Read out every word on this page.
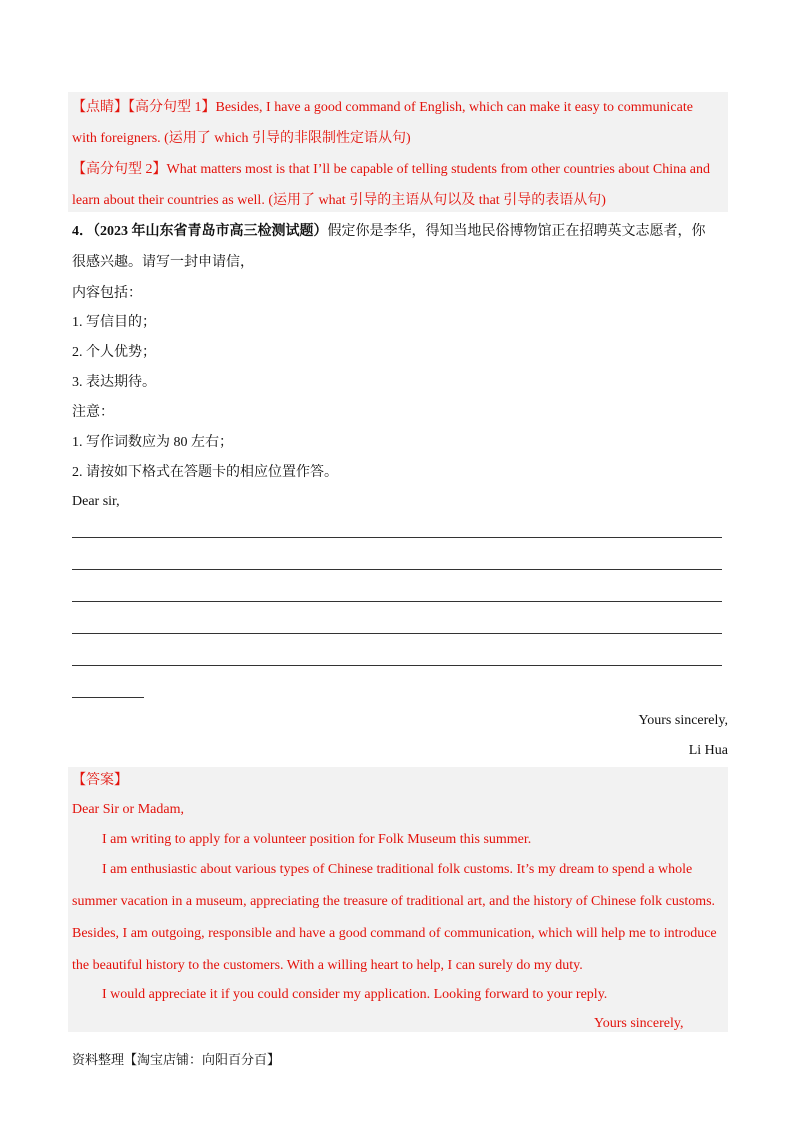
【点睛】【高分句型 1】Besides, I have a good command of English, which can make it easy to communicate
with foreigners. (运用了 which 引导的非限制性定语从句)
【高分句型 2】What matters most is that I’ll be capable of telling students from other countries about China and
learn about their countries as well. (运用了 what 引导的主语从句以及 that 引导的表语从句)
4．（2023 年山东省青岛市高三检测试题）假定你是李华，得知当地民俗博物馆正在招聘英文志愿者，你
很感兴趣。请写一封申请信，
内容包括：
1. 写信目的；
2. 个人优势；
3. 表达期待。
注意：
1. 写作词数应为 80 左右；
2. 请按如下格式在答题卡的相应位置作答。
Dear sir,
Yours sincerely,
Li Hua
【答案】
Dear Sir or Madam,
I am writing to apply for a volunteer position for Folk Museum this summer.
I am enthusiastic about various types of Chinese traditional folk customs. It’s my dream to spend a whole
summer vacation in a museum, appreciating the treasure of traditional art, and the history of Chinese folk customs.
Besides, I am outgoing, responsible and have a good command of communication, which will help me to introduce
the beautiful history to the customers. With a willing heart to help, I can surely do my duty.
I would appreciate it if you could consider my application. Looking forward to your reply.
Yours sincerely,
资料整理【淘宝店铺：向阳百分百】
